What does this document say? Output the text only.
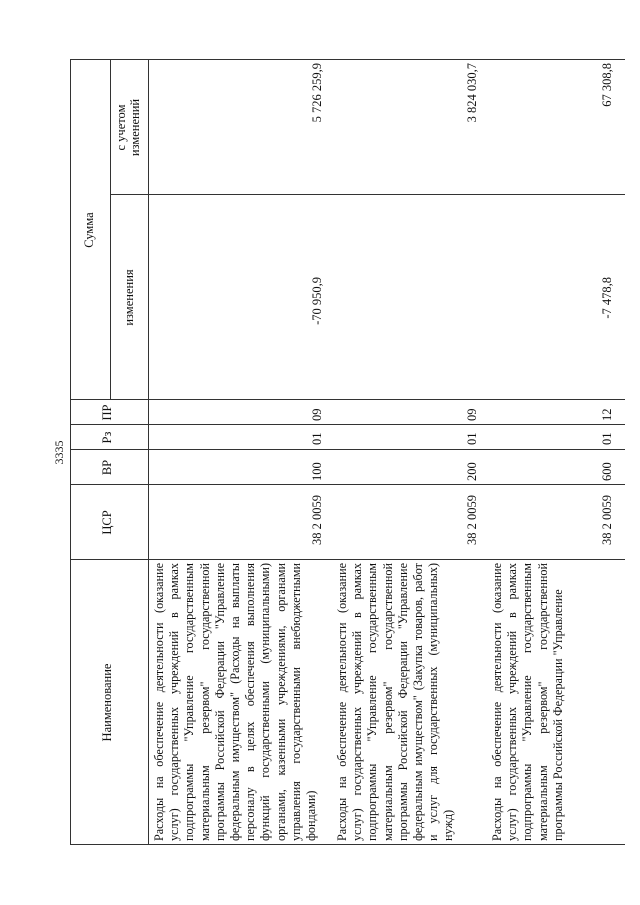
3335
Наименование
ЦСР
ВР
Рз
ПР
Сумма
изменения
с учетом изменений
Расходы на обеспечение деятельности (оказание услуг) государственных учреждений в рамках подпрограммы "Управление государственным материальным резервом" государственной программы Российской Федерации "Управление федеральным имуществом" (Расходы на выплаты персоналу в целях обеспечения выполнения функций государственными (муниципальными) органами, казенными учреждениями, органами управления государственными внебюджетными фондами)
38 2 0059
100
01
09
-70 950,9
5 726 259,9
Расходы на обеспечение деятельности (оказание услуг) государственных учреждений в рамках подпрограммы "Управление государственным материальным резервом" государственной программы Российской Федерации "Управление федеральным имуществом" (Закупка товаров, работ и услуг для государственных (муниципальных) нужд)
38 2 0059
200
01
09
3 824 030,7
Расходы на обеспечение деятельности (оказание услуг) государственных учреждений в рамках подпрограммы "Управление государственным материальным резервом" государственной программы Российской Федерации "Управление
38 2 0059
600
01
12
-7 478,8
67 308,8
